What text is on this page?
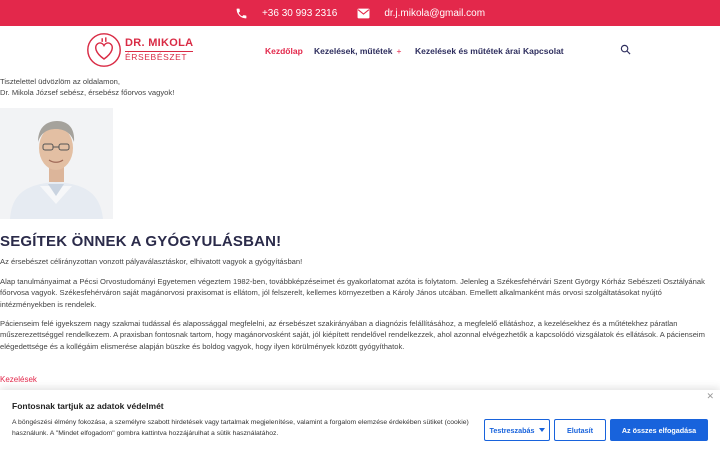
+36 30 993 2316	dr.j.mikola@gmail.com
DR. MIKOLA
ÉRSEBÉSZET
Kezdőlap Kezelések, műtétek + Kezelések és műtétek árai Kapcsolat
Tisztelettel üdvözlöm az oldalamon,
Dr. Mikola József sebész, érsebész főorvos vagyok!
SEGÍTEK ÖNNEK A GYÓGYULÁSBAN!
Az érsebészet célirányzottan vonzott pályaválasztáskor, elhivatott vagyok a gyógyításban!
Alap tanulmányaimat a Pécsi Orvostudományi Egyetemen végeztem 1982-ben, továbbképzéseimet és gyakorlatomat azóta is folytatom. Jelenleg a Székesfehérvári Szent György Kórház Sebészeti Osztályának főorvosa vagyok. Székesfehérváron saját magánorvosi praxisomat is ellátom, jól felszerelt, kellemes környezetben a Károly János utcában. Emellett alkalmanként más orvosi szolgáltatásokat nyújtó intézményekben is rendelek.
Pácienseim felé igyekszem nagy szakmai tudással és alapossággal megfelelni, az érsebészet szakirányában a diagnózis felállításához, a megfelelő ellátáshoz, a kezelésekhez és a műtétekhez páratlan műszerezettséggel rendelkezem. A praxisban fontosnak tartom, hogy magánorvosként saját, jól kiépített rendelővel rendelkezzek, ahol azonnal elvégezhetők a kapcsolódó vizsgálatok és ellátások. A pácienseim elégedettsége és a kollégáim elismerése alapján büszke és boldog vagyok, hogy ilyen körülmények között gyógyíthatok.
Kezelések
✕
Fontosnak tartjuk az adatok védelmét
A böngészési élmény fokozása, a személyre szabott hirdetések vagy tartalmak megjelenítése, valamint a forgalom elemzése érdekében sütiket (cookie) használunk. A "Mindet elfogadom" gombra kattintva hozzájárulhat a sütik használatához.	Testreszabás	Elutasít	Az összes elfogadása
